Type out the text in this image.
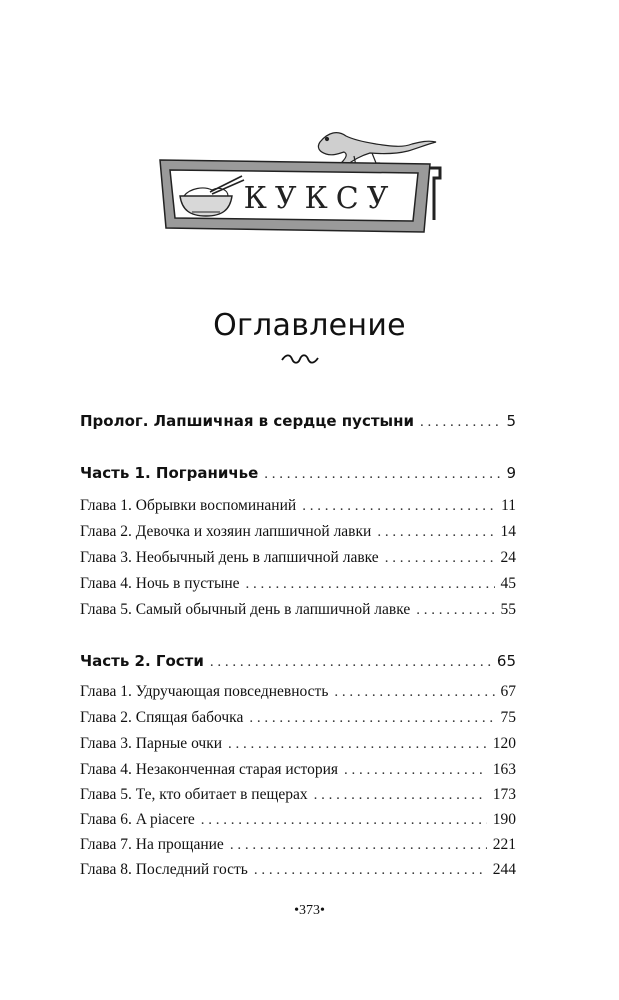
КУКСУ
Оглавление
Пролог. Лапшичная в сердце пустыни . . .	5
Часть 1. Пограничье . . .	9
Глава 1. Обрывки воспоминаний . . .	11
Глава 2. Девочка и хозяин лапшичной лавки . . .	14
Глава 3. Необычный день в лапшичной лавке . . .	24
Глава 4. Ночь в пустыне . . .	45
Глава 5. Самый обычный день в лапшичной лавке . . .	55
Часть 2. Гости . . .	65
Глава 1. Удручающая повседневность . . .	67
Глава 2. Спящая бабочка . . .	75
Глава 3. Парные очки . . .	120
Глава 4. Незаконченная старая история . . .	163
Глава 5. Те, кто обитает в пещерах . . .	173
Глава 6. A piacere . . .	190
Глава 7. На прощание . . .	221
Глава 8. Последний гость . . .	244
•373•
